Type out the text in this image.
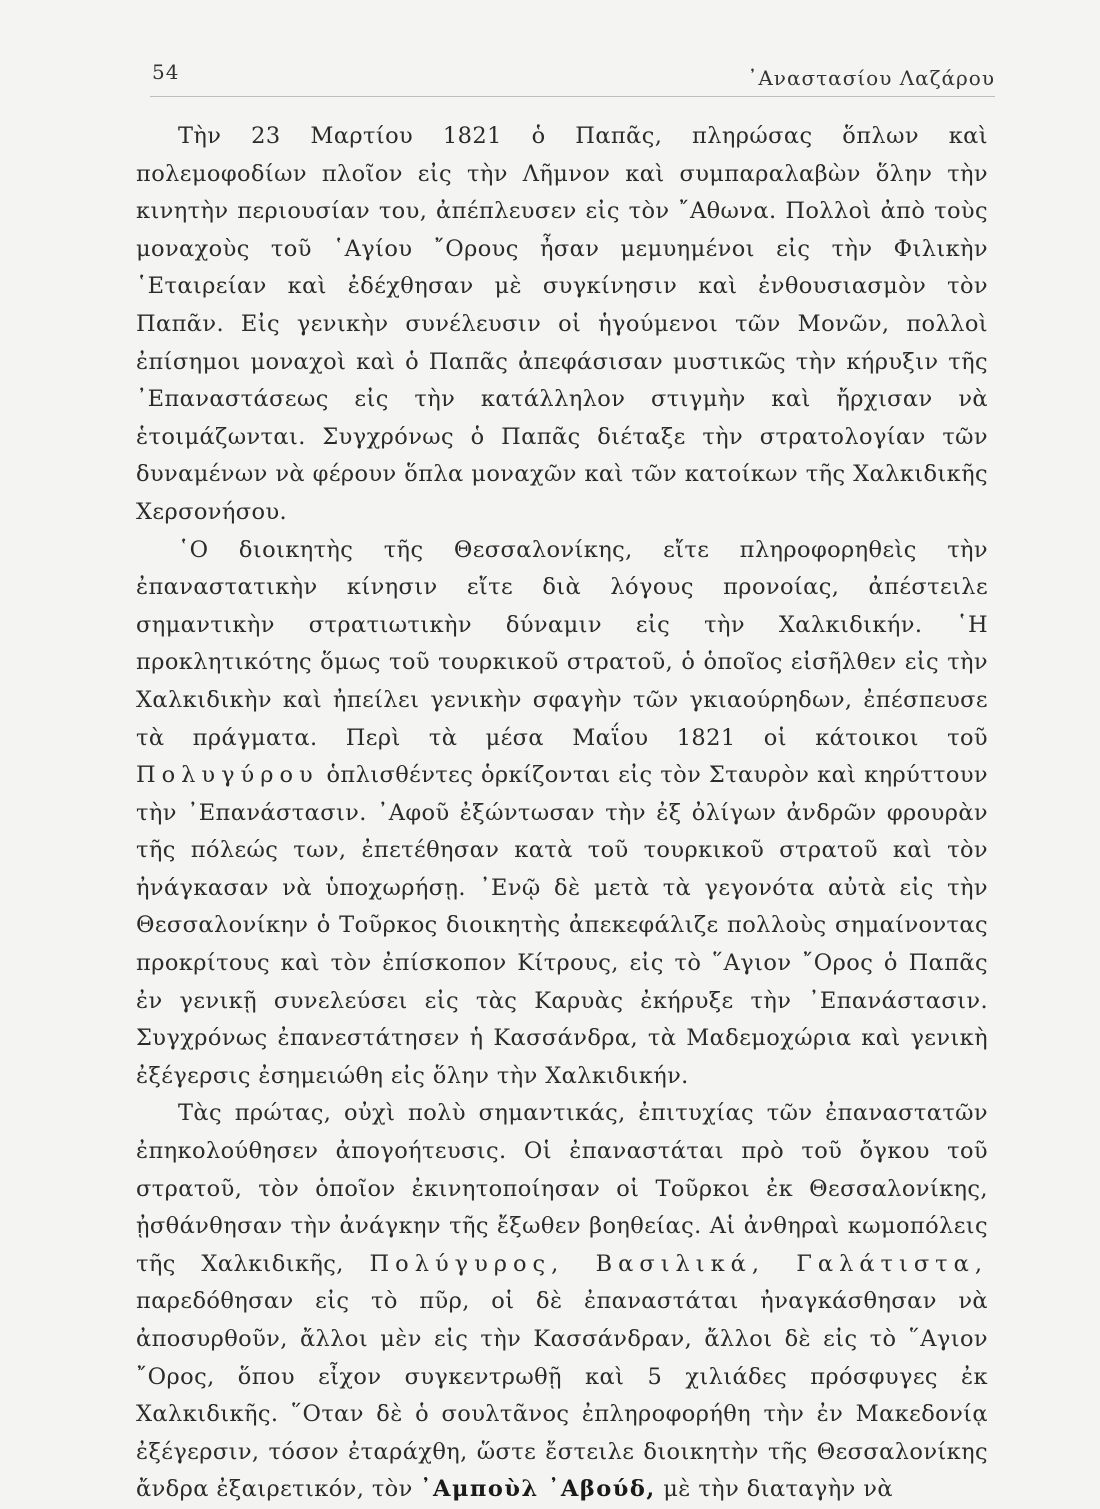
54	᾿Αναστασίου Λαζάρου

Τὴν 23 Μαρτίου 1821 ὁ Παπᾶς, πληρώσας ὅπλων καὶ πολεμοφοδίων πλοῖον εἰς τὴν Λῆμνον καὶ συμπαραλαβὼν ὅλην τὴν κινητὴν περιουσίαν του, ἀπέπλευσεν εἰς τὸν ῎Αθωνα. Πολλοὶ ἀπὸ τοὺς μοναχοὺς τοῦ ῾Αγίου ῎Ορους ἦσαν μεμυημένοι εἰς τὴν Φιλικὴν ῾Εταιρείαν καὶ ἐδέχθησαν μὲ συγκίνησιν καὶ ἐνθουσιασμὸν τὸν Παπᾶν. Εἰς γενικὴν συνέλευσιν οἱ ἡγούμενοι τῶν Μονῶν, πολλοὶ ἐπίσημοι μοναχοὶ καὶ ὁ Παπᾶς ἀπεφάσισαν μυστικῶς τὴν κήρυξιν τῆς ᾿Επαναστάσεως εἰς τὴν κατάλληλον στιγμὴν καὶ ἤρχισαν νὰ ἑτοιμάζωνται. Συγχρόνως ὁ Παπᾶς διέταξε τὴν στρατολογίαν τῶν δυναμένων νὰ φέρουν ὅπλα μοναχῶν καὶ τῶν κατοίκων τῆς Χαλκιδικῆς Χερσονήσου.

῾Ο διοικητὴς τῆς Θεσσαλονίκης, εἴτε πληροφορηθεὶς τὴν ἐπαναστατικὴν κίνησιν εἴτε διὰ λόγους προνοίας, ἀπέστειλε σημαντικὴν στρατιωτικὴν δύναμιν εἰς τὴν Χαλκιδικήν. ῾Η προκλητικότης ὅμως τοῦ τουρκικοῦ στρατοῦ, ὁ ὁποῖος εἰσῆλθεν εἰς τὴν Χαλκιδικὴν καὶ ἠπείλει γενικὴν σφαγὴν τῶν γκιαούρηδων, ἐπέσπευσε τὰ πράγματα. Περὶ τὰ μέσα Μαΐου 1821 οἱ κάτοικοι τοῦ Πολυγύρου ὁπλισθέντες ὁρκίζονται εἰς τὸν Σταυρὸν καὶ κηρύττουν τὴν ᾿Επανάστασιν. ᾿Αφοῦ ἐξώντωσαν τὴν ἐξ ὀλίγων ἀνδρῶν φρουρὰν τῆς πόλεώς των, ἐπετέθησαν κατὰ τοῦ τουρκικοῦ στρατοῦ καὶ τὸν ἠνάγκασαν νὰ ὑποχωρήσῃ. ᾿Ενῷ δὲ μετὰ τὰ γεγονότα αὐτὰ εἰς τὴν Θεσσαλονίκην ὁ Τοῦρκος διοικητὴς ἀπεκεφάλιζε πολλοὺς σημαίνοντας προκρίτους καὶ τὸν ἐπίσκοπον Κίτρους, εἰς τὸ ῞Αγιον ῎Ορος ὁ Παπᾶς ἐν γενικῇ συνελεύσει εἰς τὰς Καρυὰς ἐκήρυξε τὴν ᾿Επανάστασιν. Συγχρόνως ἐπανεστάτησεν ἡ Κασσάνδρα, τὰ Μαδεμοχώρια καὶ γενικὴ ἐξέγερσις ἐσημειώθη εἰς ὅλην τὴν Χαλκιδικήν.

Τὰς πρώτας, οὐχὶ πολὺ σημαντικάς, ἐπιτυχίας τῶν ἐπαναστατῶν ἐπηκολούθησεν ἀπογοήτευσις. Οἱ ἐπαναστάται πρὸ τοῦ ὄγκου τοῦ στρατοῦ, τὸν ὁποῖον ἐκινητοποίησαν οἱ Τοῦρκοι ἐκ Θεσσαλονίκης, ᾐσθάνθησαν τὴν ἀνάγκην τῆς ἔξωθεν βοηθείας. Αἱ ἀνθηραὶ κωμοπόλεις τῆς Χαλκιδικῆς, Πολύγυρος, Βασιλικά, Γαλάτιστα, παρεδόθησαν εἰς τὸ πῦρ, οἱ δὲ ἐπαναστάται ἠναγκάσθησαν νὰ ἀποσυρθοῦν, ἄλλοι μὲν εἰς τὴν Κασσάνδραν, ἄλλοι δὲ εἰς τὸ ῞Αγιον ῎Ορος, ὅπου εἶχον συγκεντρωθῇ καὶ 5 χιλιάδες πρόσφυγες ἐκ Χαλκιδικῆς. ῞Οταν δὲ ὁ σουλτᾶνος ἐπληροφορήθη τὴν ἐν Μακεδονίᾳ ἐξέγερσιν, τόσον ἐταράχθη, ὥστε ἔστειλε διοικητὴν τῆς Θεσσαλονίκης ἄνδρα ἐξαιρετικόν, τὸν ᾿Αμποὺλ ᾿Αβούδ, μὲ τὴν διαταγὴν νὰ
